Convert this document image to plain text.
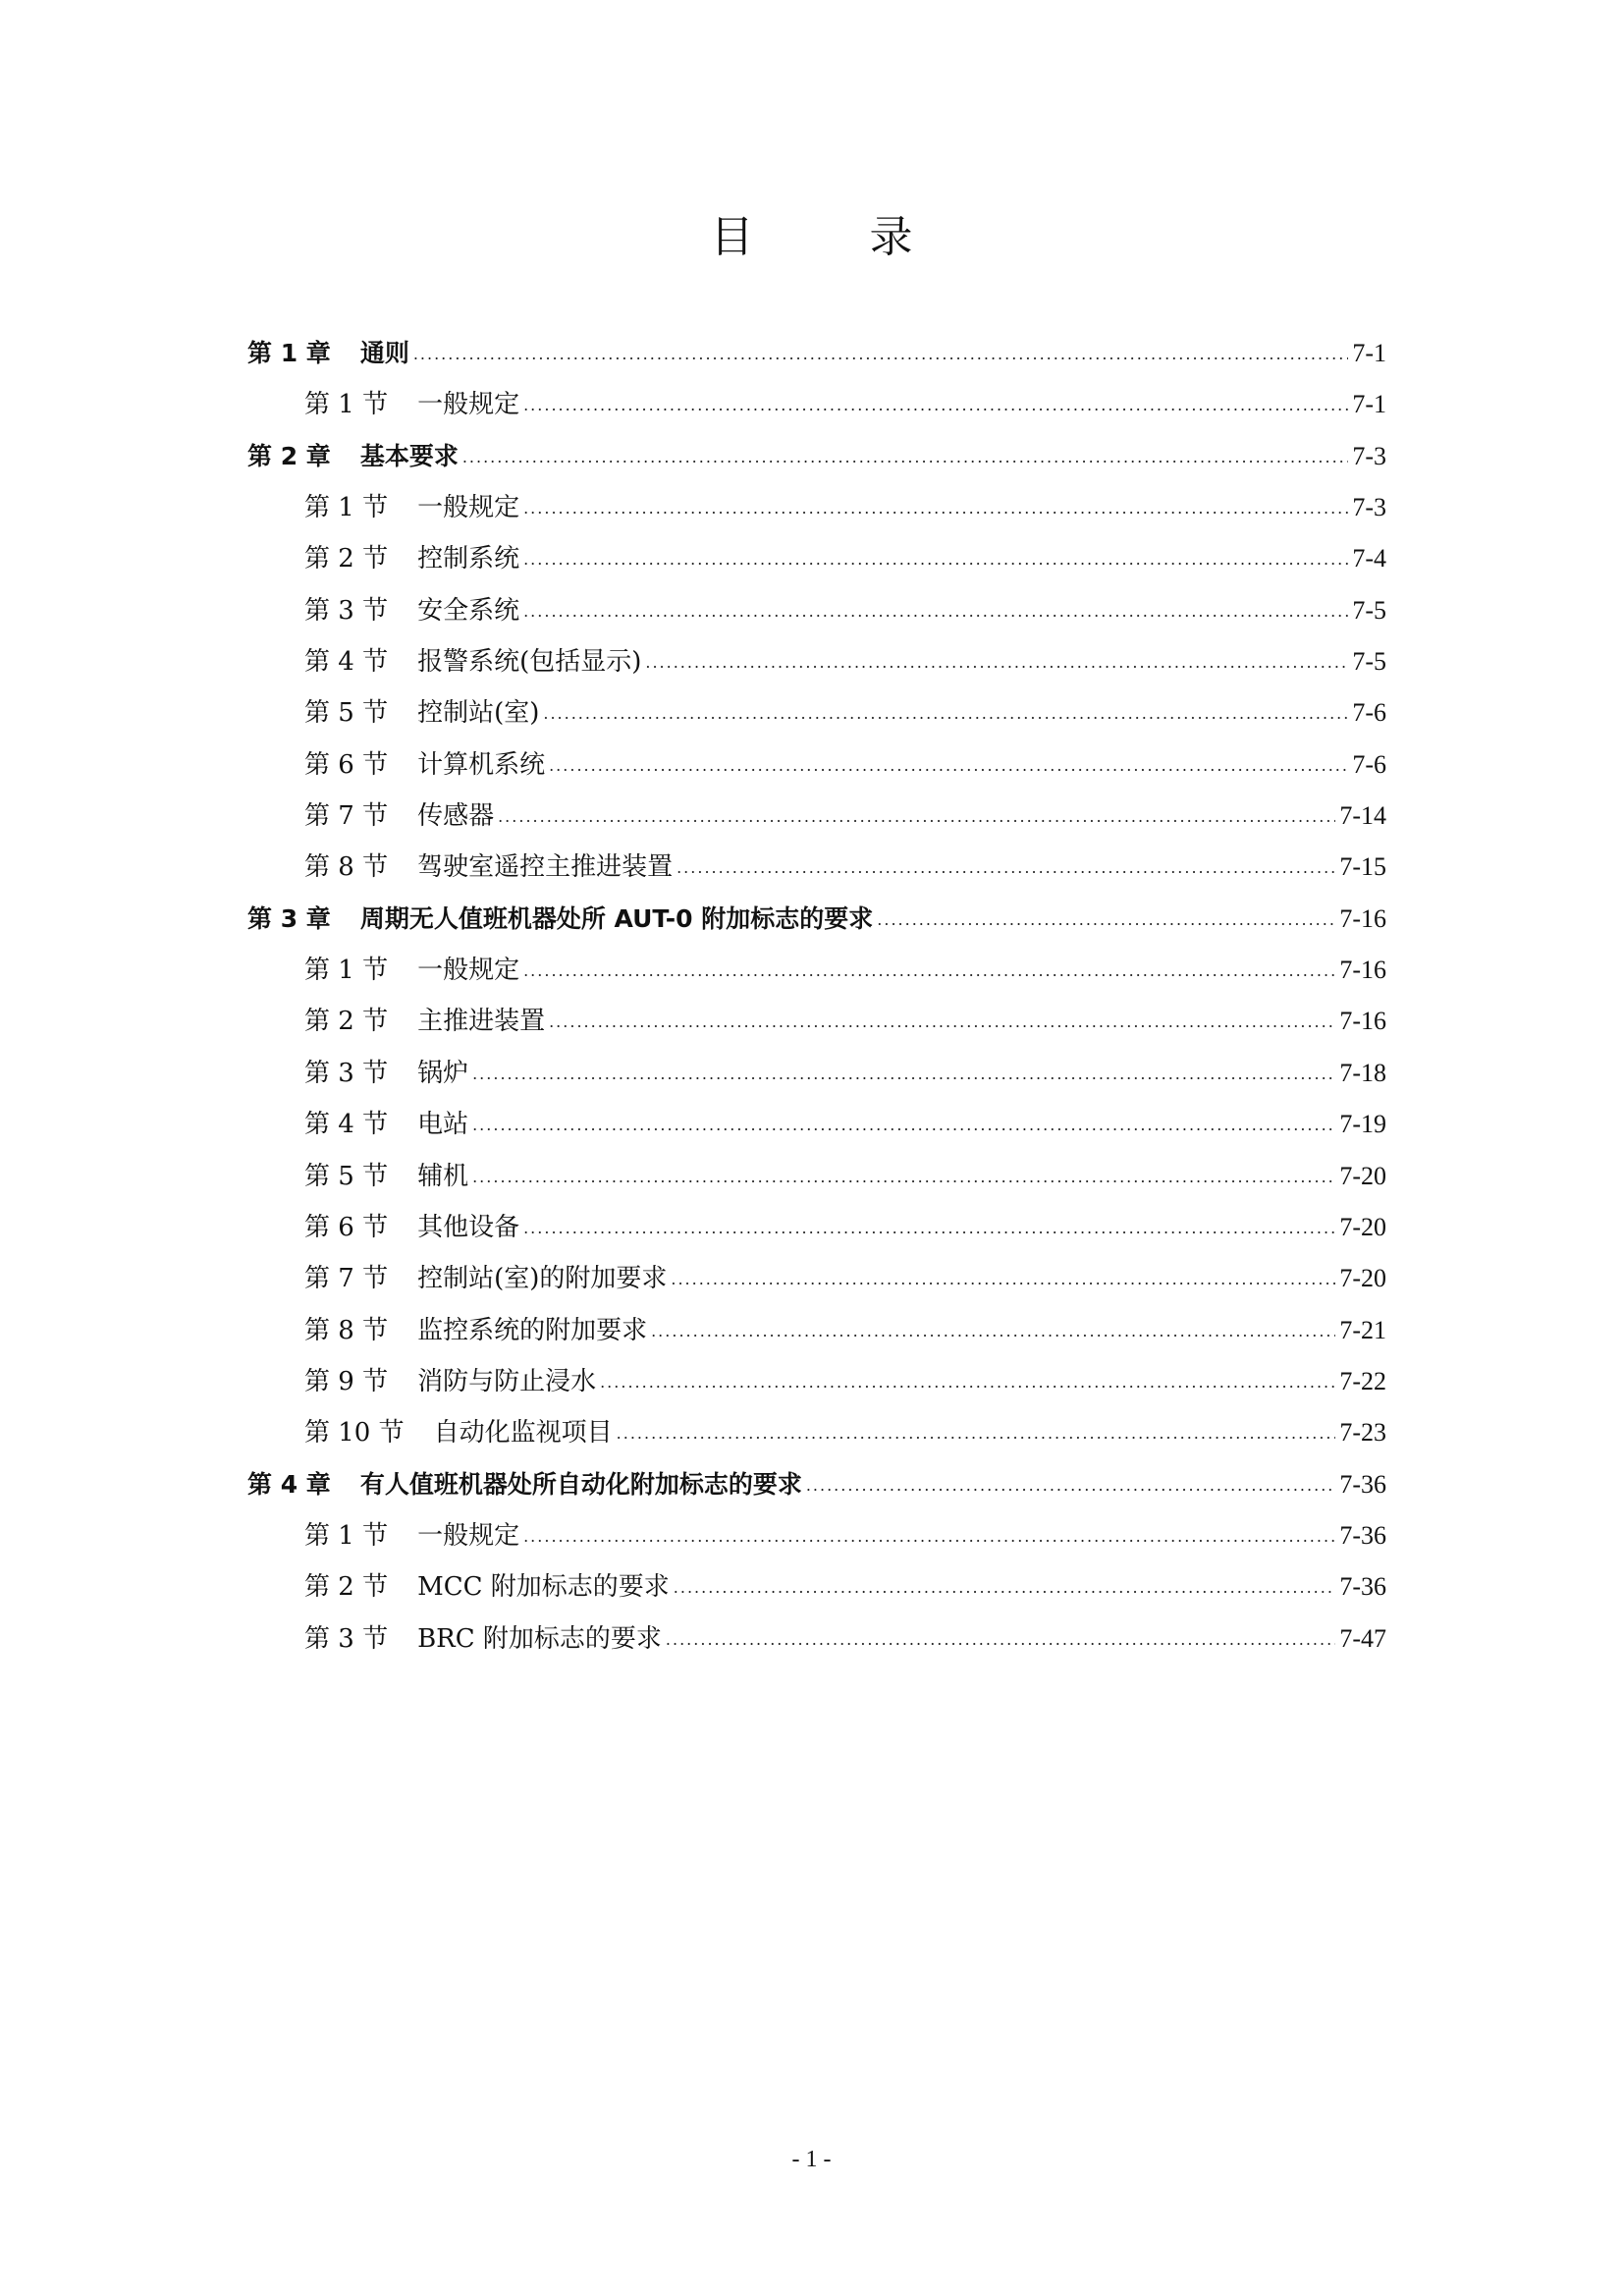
目 录
第 1 章	通则 .....	7-1
第 1 节	一般规定 .....	7-1
第 2 章	基本要求 .....	7-3
第 1 节	一般规定 .....	7-3
第 2 节	控制系统 .....	7-4
第 3 节	安全系统 .....	7-5
第 4 节	报警系统(包括显示) .....	7-5
第 5 节	控制站(室) .....	7-6
第 6 节	计算机系统 .....	7-6
第 7 节	传感器 .....	7-14
第 8 节	驾驶室遥控主推进装置 .....	7-15
第 3 章	周期无人值班机器处所 AUT-0 附加标志的要求 .....	7-16
第 1 节	一般规定 .....	7-16
第 2 节	主推进装置 .....	7-16
第 3 节	锅炉 .....	7-18
第 4 节	电站 .....	7-19
第 5 节	辅机 .....	7-20
第 6 节	其他设备 .....	7-20
第 7 节	控制站(室)的附加要求 .....	7-20
第 8 节	监控系统的附加要求 .....	7-21
第 9 节	消防与防止浸水 .....	7-22
第 10 节	自动化监视项目 .....	7-23
第 4 章	有人值班机器处所自动化附加标志的要求 .....	7-36
第 1 节	一般规定 .....	7-36
第 2 节	MCC 附加标志的要求 .....	7-36
第 3 节	BRC 附加标志的要求 .....	7-47
- 1 -
